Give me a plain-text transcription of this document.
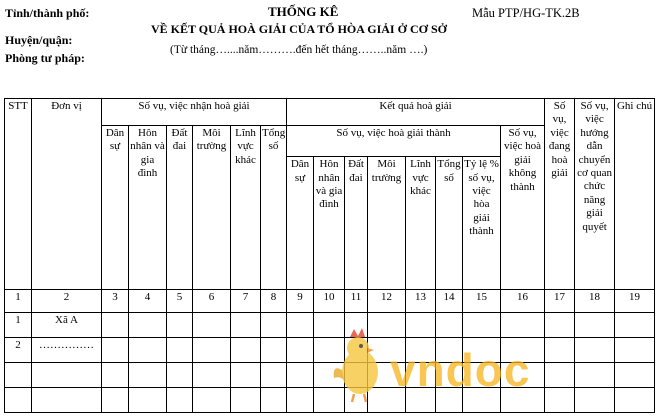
Tỉnh/thành phố:
Huyện/quận:
Phòng tư pháp:
THỐNG KÊ	Mẫu PTP/HG-TK.2B
VỀ KẾT QUẢ HOÀ GIẢI CỦA TỔ HÒA GIẢI Ở CƠ SỞ
(Từ tháng…....năm……….đến hết tháng……..năm ….)
STT	Đơn vị	Số vụ, việc nhận hoà giải						Kết quả hoà giải								Số vụ, việc đang hoà giải	Số vụ, việc hướng dẫn chuyển cơ quan chức năng giải quyết	Ghi chú
		Dân sự	Hôn nhân và gia đình	Đất đai	Môi trường	Lĩnh vực khác	Tổng số	Số vụ, việc hoà giải thành							Số vụ, việc hoà giải không thành			
								Dân sự	Hôn nhân và gia đình	Đất đai	Môi trường	Lĩnh vực khác	Tổng số	Tỷ lệ % số vụ, việc hòa giải thành				
1	2	3	4	5	6	7	8	9	10	11	12	13	14	15	16	17	18	19
1	Xã A																	
2	……………																	

																			vndoc
